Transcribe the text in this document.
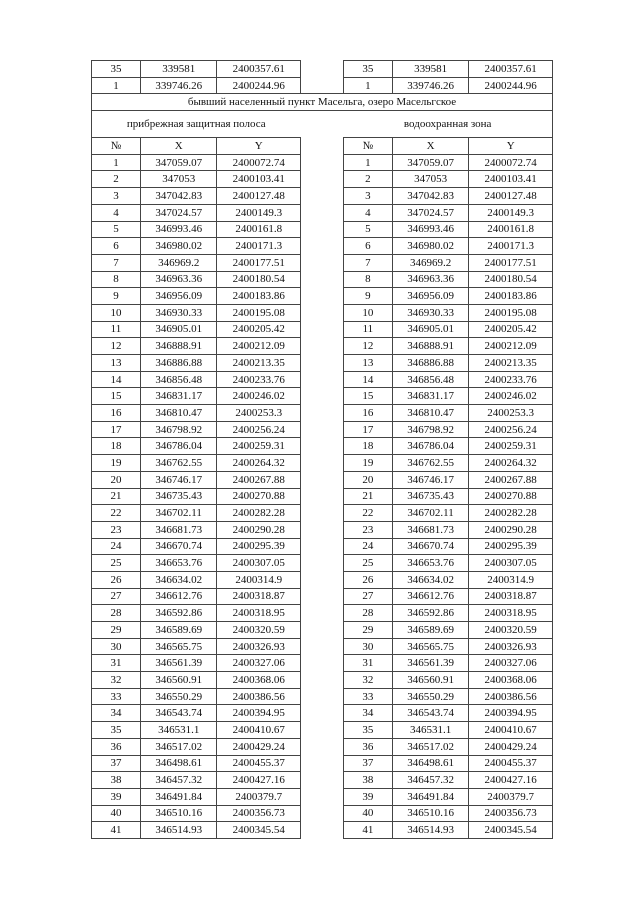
35	339581	2400357.61		35	339581	2400357.61
1	339746.26	2400244.96		1	339746.26	2400244.96
бывший населенный пункт Масельга, озеро Масельгское						
прибрежная защитная полоса				водоохранная зона		
№	X	Y		№	X	Y
1	347059.07	2400072.74		1	347059.07	2400072.74
2	347053	2400103.41		2	347053	2400103.41
3	347042.83	2400127.48		3	347042.83	2400127.48
4	347024.57	2400149.3		4	347024.57	2400149.3
5	346993.46	2400161.8		5	346993.46	2400161.8
6	346980.02	2400171.3		6	346980.02	2400171.3
7	346969.2	2400177.51		7	346969.2	2400177.51
8	346963.36	2400180.54		8	346963.36	2400180.54
9	346956.09	2400183.86		9	346956.09	2400183.86
10	346930.33	2400195.08		10	346930.33	2400195.08
11	346905.01	2400205.42		11	346905.01	2400205.42
12	346888.91	2400212.09		12	346888.91	2400212.09
13	346886.88	2400213.35		13	346886.88	2400213.35
14	346856.48	2400233.76		14	346856.48	2400233.76
15	346831.17	2400246.02		15	346831.17	2400246.02
16	346810.47	2400253.3		16	346810.47	2400253.3
17	346798.92	2400256.24		17	346798.92	2400256.24
18	346786.04	2400259.31		18	346786.04	2400259.31
19	346762.55	2400264.32		19	346762.55	2400264.32
20	346746.17	2400267.88		20	346746.17	2400267.88
21	346735.43	2400270.88		21	346735.43	2400270.88
22	346702.11	2400282.28		22	346702.11	2400282.28
23	346681.73	2400290.28		23	346681.73	2400290.28
24	346670.74	2400295.39		24	346670.74	2400295.39
25	346653.76	2400307.05		25	346653.76	2400307.05
26	346634.02	2400314.9		26	346634.02	2400314.9
27	346612.76	2400318.87		27	346612.76	2400318.87
28	346592.86	2400318.95		28	346592.86	2400318.95
29	346589.69	2400320.59		29	346589.69	2400320.59
30	346565.75	2400326.93		30	346565.75	2400326.93
31	346561.39	2400327.06		31	346561.39	2400327.06
32	346560.91	2400368.06		32	346560.91	2400368.06
33	346550.29	2400386.56		33	346550.29	2400386.56
34	346543.74	2400394.95		34	346543.74	2400394.95
35	346531.1	2400410.67		35	346531.1	2400410.67
36	346517.02	2400429.24		36	346517.02	2400429.24
37	346498.61	2400455.37		37	346498.61	2400455.37
38	346457.32	2400427.16		38	346457.32	2400427.16
39	346491.84	2400379.7		39	346491.84	2400379.7
40	346510.16	2400356.73		40	346510.16	2400356.73
41	346514.93	2400345.54		41	346514.93	2400345.54
